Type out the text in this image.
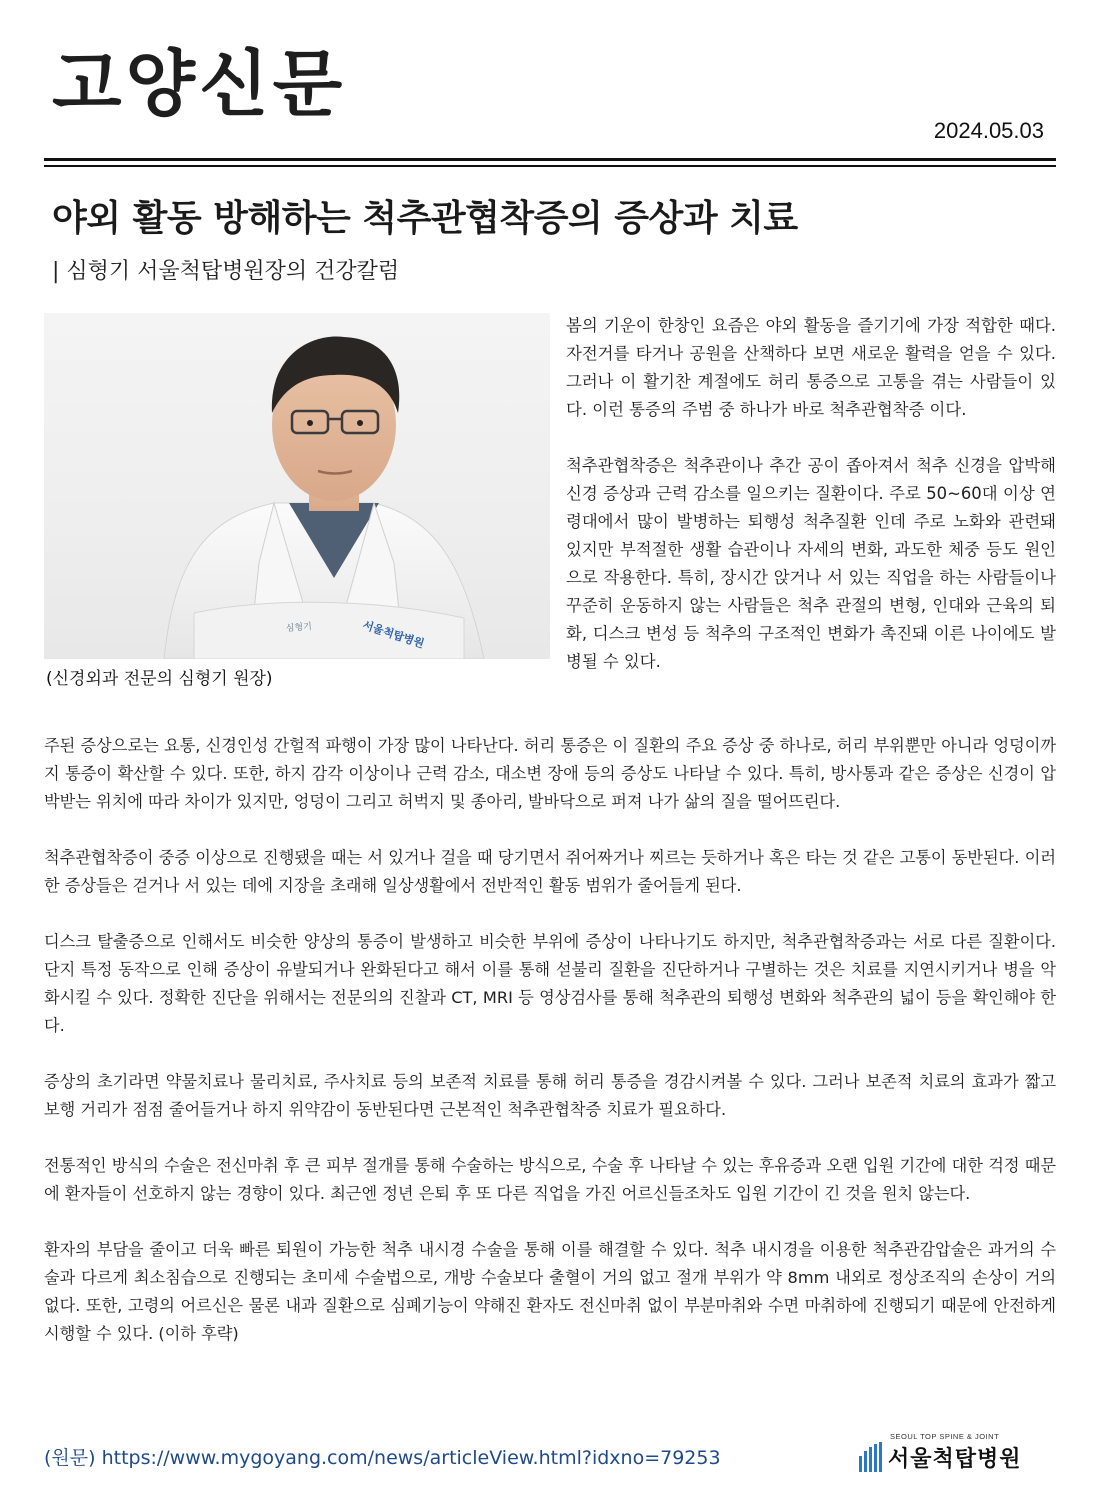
고양신문
2024.05.03
야외 활동 방해하는 척추관협착증의 증상과 치료
| 심형기 서울척탑병원장의 건강칼럼
심형기	서울척탑병원
(신경외과 전문의 심형기 원장)

봄의 기운이 한창인 요즘은 야외 활동을 즐기기에 가장 적합한 때다. 자전거를 타거나 공원을 산책하다 보면 새로운 활력을 얻을 수 있다. 그러나 이 활기찬 계절에도 허리 통증으로 고통을 겪는 사람들이 있다. 이런 통증의 주범 중 하나가 바로 척추관협착증 이다.

척추관협착증은 척추관이나 추간 공이 좁아져서 척추 신경을 압박해 신경 증상과 근력 감소를 일으키는 질환이다. 주로 50~60대 이상 연령대에서 많이 발병하는 퇴행성 척추질환 인데 주로 노화와 관련돼 있지만 부적절한 생활 습관이나 자세의 변화, 과도한 체중 등도 원인으로 작용한다. 특히, 장시간 앉거나 서 있는 직업을 하는 사람들이나 꾸준히 운동하지 않는 사람들은 척추 관절의 변형, 인대와 근육의 퇴화, 디스크 변성 등 척추의 구조적인 변화가 촉진돼 이른 나이에도 발병될 수 있다.

주된 증상으로는 요통, 신경인성 간헐적 파행이 가장 많이 나타난다. 허리 통증은 이 질환의 주요 증상 중 하나로, 허리 부위뿐만 아니라 엉덩이까지 통증이 확산할 수 있다. 또한, 하지 감각 이상이나 근력 감소, 대소변 장애 등의 증상도 나타날 수 있다. 특히, 방사통과 같은 증상은 신경이 압박받는 위치에 따라 차이가 있지만, 엉덩이 그리고 허벅지 및 종아리, 발바닥으로 퍼져 나가 삶의 질을 떨어뜨린다.

척추관협착증이 중증 이상으로 진행됐을 때는 서 있거나 걸을 때 당기면서 쥐어짜거나 찌르는 듯하거나 혹은 타는 것 같은 고통이 동반된다. 이러한 증상들은 걷거나 서 있는 데에 지장을 초래해 일상생활에서 전반적인 활동 범위가 줄어들게 된다.

디스크 탈출증으로 인해서도 비슷한 양상의 통증이 발생하고 비슷한 부위에 증상이 나타나기도 하지만, 척추관협착증과는 서로 다른 질환이다. 단지 특정 동작으로 인해 증상이 유발되거나 완화된다고 해서 이를 통해 섣불리 질환을 진단하거나 구별하는 것은 치료를 지연시키거나 병을 악화시킬 수 있다. 정확한 진단을 위해서는 전문의의 진찰과 CT, MRI 등 영상검사를 통해 척추관의 퇴행성 변화와 척추관의 넓이 등을 확인해야 한다.

증상의 초기라면 약물치료나 물리치료, 주사치료 등의 보존적 치료를 통해 허리 통증을 경감시켜볼 수 있다. 그러나 보존적 치료의 효과가 짧고 보행 거리가 점점 줄어들거나 하지 위약감이 동반된다면 근본적인 척추관협착증 치료가 필요하다.

전통적인 방식의 수술은 전신마취 후 큰 피부 절개를 통해 수술하는 방식으로, 수술 후 나타날 수 있는 후유증과 오랜 입원 기간에 대한 걱정 때문에 환자들이 선호하지 않는 경향이 있다. 최근엔 정년 은퇴 후 또 다른 직업을 가진 어르신들조차도 입원 기간이 긴 것을 원치 않는다.

환자의 부담을 줄이고 더욱 빠른 퇴원이 가능한 척추 내시경 수술을 통해 이를 해결할 수 있다. 척추 내시경을 이용한 척추관감압술은 과거의 수술과 다르게 최소침습으로 진행되는 초미세 수술법으로, 개방 수술보다 출혈이 거의 없고 절개 부위가 약 8mm 내외로 정상조직의 손상이 거의 없다. 또한, 고령의 어르신은 물론 내과 질환으로 심폐기능이 약해진 환자도 전신마취 없이 부분마취와 수면 마취하에 진행되기 때문에 안전하게 시행할 수 있다. (이하 후략)

(원문) https://www.mygoyang.com/news/articleView.html?idxno=79253
SEOUL TOP SPINE & JOINT
서울척탑병원
